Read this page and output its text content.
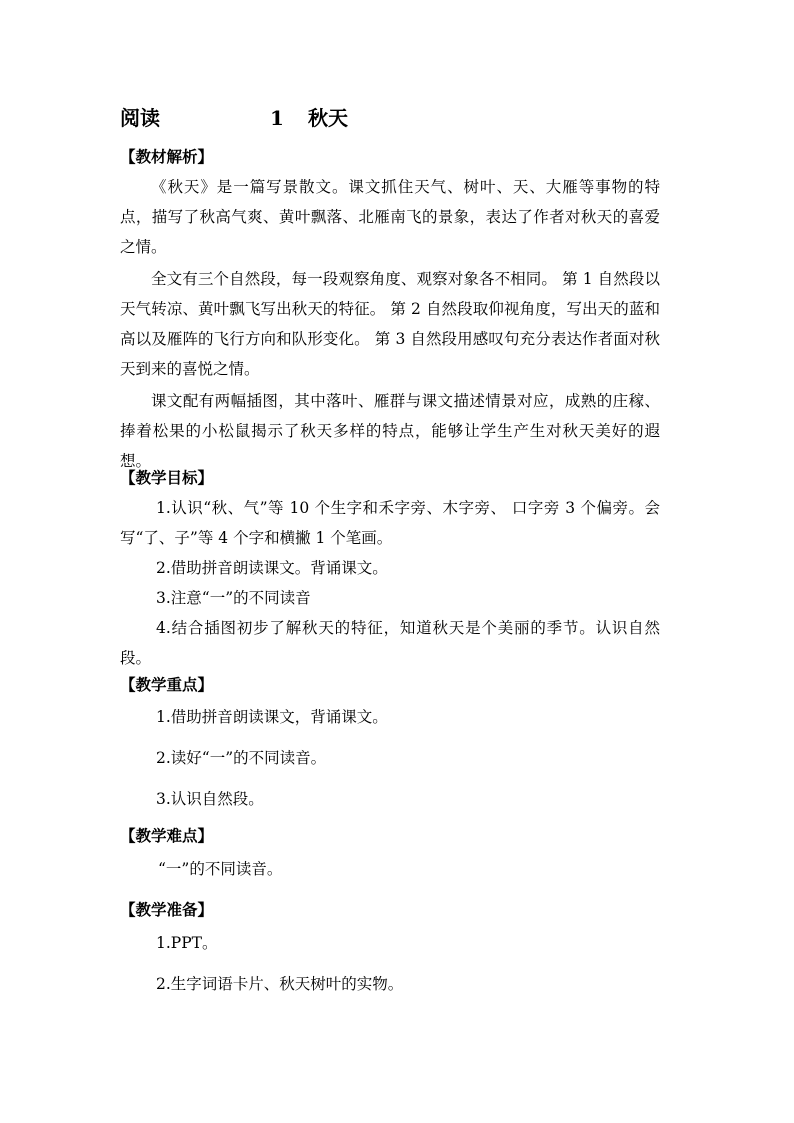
阅读	1 秋天
【教材解析】

《秋天》是一篇写景散文。课文抓住天气、树叶、天、大雁等事物的特点，描写了秋高气爽、黄叶飘落、北雁南飞的景象，表达了作者对秋天的喜爱之情。

全文有三个自然段，每一段观察角度、观察对象各不相同。 第 1 自然段以天气转凉、黄叶飘飞写出秋天的特征。 第 2 自然段取仰视角度，写出天的蓝和高以及雁阵的飞行方向和队形变化。 第 3 自然段用感叹句充分表达作者面对秋天到来的喜悦之情。

课文配有两幅插图，其中落叶、雁群与课文描述情景对应，成熟的庄稼、捧着松果的小松鼠揭示了秋天多样的特点，能够让学生产生对秋天美好的遐想。

【教学目标】

1.认识“秋、气”等 10 个生字和禾字旁、木字旁、 口字旁 3 个偏旁。会写“了、子”等 4 个字和横撇 1 个笔画。

2.借助拼音朗读课文。背诵课文。

3.注意“一”的不同读音

4.结合插图初步了解秋天的特征，知道秋天是个美丽的季节。认识自然段。

【教学重点】

1.借助拼音朗读课文，背诵课文。

2.读好“一”的不同读音。

3.认识自然段。

【教学难点】

“一”的不同读音。

【教学准备】

1.PPT。

2.生字词语卡片、秋天树叶的实物。
